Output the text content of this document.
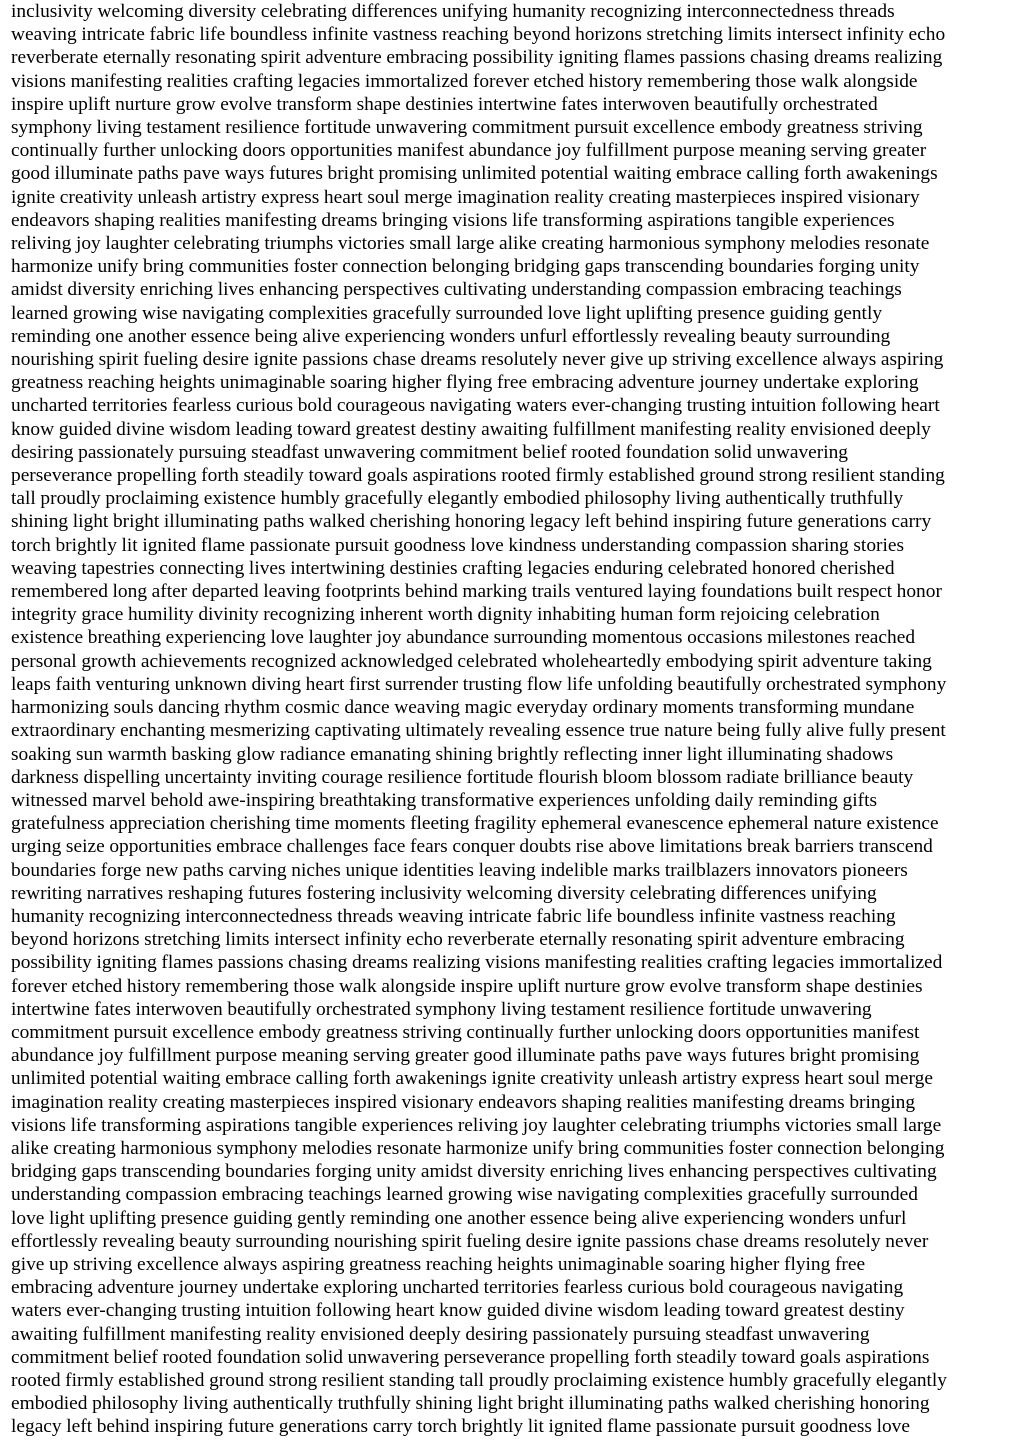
inclusivity welcoming diversity celebrating differences unifying humanity recognizing interconnectedness threads
weaving intricate fabric life boundless infinite vastness reaching beyond horizons stretching limits intersect infinity echo
reverberate eternally resonating spirit adventure embracing possibility igniting flames passions chasing dreams realizing
visions manifesting realities crafting legacies immortalized forever etched history remembering those walk alongside
inspire uplift nurture grow evolve transform shape destinies intertwine fates interwoven beautifully orchestrated
symphony living testament resilience fortitude unwavering commitment pursuit excellence embody greatness striving
continually further unlocking doors opportunities manifest abundance joy fulfillment purpose meaning serving greater
good illuminate paths pave ways futures bright promising unlimited potential waiting embrace calling forth awakenings
ignite creativity unleash artistry express heart soul merge imagination reality creating masterpieces inspired visionary
endeavors shaping realities manifesting dreams bringing visions life transforming aspirations tangible experiences
reliving joy laughter celebrating triumphs victories small large alike creating harmonious symphony melodies resonate
harmonize unify bring communities foster connection belonging bridging gaps transcending boundaries forging unity
amidst diversity enriching lives enhancing perspectives cultivating understanding compassion embracing teachings
learned growing wise navigating complexities gracefully surrounded love light uplifting presence guiding gently
reminding one another essence being alive experiencing wonders unfurl effortlessly revealing beauty surrounding
nourishing spirit fueling desire ignite passions chase dreams resolutely never give up striving excellence always aspiring
greatness reaching heights unimaginable soaring higher flying free embracing adventure journey undertake exploring
uncharted territories fearless curious bold courageous navigating waters ever-changing trusting intuition following heart
know guided divine wisdom leading toward greatest destiny awaiting fulfillment manifesting reality envisioned deeply
desiring passionately pursuing steadfast unwavering commitment belief rooted foundation solid unwavering
perseverance propelling forth steadily toward goals aspirations rooted firmly established ground strong resilient standing
tall proudly proclaiming existence humbly gracefully elegantly embodied philosophy living authentically truthfully
shining light bright illuminating paths walked cherishing honoring legacy left behind inspiring future generations carry
torch brightly lit ignited flame passionate pursuit goodness love kindness understanding compassion sharing stories
weaving tapestries connecting lives intertwining destinies crafting legacies enduring celebrated honored cherished
remembered long after departed leaving footprints behind marking trails ventured laying foundations built respect honor
integrity grace humility divinity recognizing inherent worth dignity inhabiting human form rejoicing celebration
existence breathing experiencing love laughter joy abundance surrounding momentous occasions milestones reached
personal growth achievements recognized acknowledged celebrated wholeheartedly embodying spirit adventure taking
leaps faith venturing unknown diving heart first surrender trusting flow life unfolding beautifully orchestrated symphony
harmonizing souls dancing rhythm cosmic dance weaving magic everyday ordinary moments transforming mundane
extraordinary enchanting mesmerizing captivating ultimately revealing essence true nature being fully alive fully present
soaking sun warmth basking glow radiance emanating shining brightly reflecting inner light illuminating shadows
darkness dispelling uncertainty inviting courage resilience fortitude flourish bloom blossom radiate brilliance beauty
witnessed marvel behold awe-inspiring breathtaking transformative experiences unfolding daily reminding gifts
gratefulness appreciation cherishing time moments fleeting fragility ephemeral evanescence ephemeral nature existence
urging seize opportunities embrace challenges face fears conquer doubts rise above limitations break barriers transcend
boundaries forge new paths carving niches unique identities leaving indelible marks trailblazers innovators pioneers
rewriting narratives reshaping futures fostering inclusivity welcoming diversity celebrating differences unifying
humanity recognizing interconnectedness threads weaving intricate fabric life boundless infinite vastness reaching
beyond horizons stretching limits intersect infinity echo reverberate eternally resonating spirit adventure embracing
possibility igniting flames passions chasing dreams realizing visions manifesting realities crafting legacies immortalized
forever etched history remembering those walk alongside inspire uplift nurture grow evolve transform shape destinies
intertwine fates interwoven beautifully orchestrated symphony living testament resilience fortitude unwavering
commitment pursuit excellence embody greatness striving continually further unlocking doors opportunities manifest
abundance joy fulfillment purpose meaning serving greater good illuminate paths pave ways futures bright promising
unlimited potential waiting embrace calling forth awakenings ignite creativity unleash artistry express heart soul merge
imagination reality creating masterpieces inspired visionary endeavors shaping realities manifesting dreams bringing
visions life transforming aspirations tangible experiences reliving joy laughter celebrating triumphs victories small large
alike creating harmonious symphony melodies resonate harmonize unify bring communities foster connection belonging
bridging gaps transcending boundaries forging unity amidst diversity enriching lives enhancing perspectives cultivating
understanding compassion embracing teachings learned growing wise navigating complexities gracefully surrounded
love light uplifting presence guiding gently reminding one another essence being alive experiencing wonders unfurl
effortlessly revealing beauty surrounding nourishing spirit fueling desire ignite passions chase dreams resolutely never
give up striving excellence always aspiring greatness reaching heights unimaginable soaring higher flying free
embracing adventure journey undertake exploring uncharted territories fearless curious bold courageous navigating
waters ever-changing trusting intuition following heart know guided divine wisdom leading toward greatest destiny
awaiting fulfillment manifesting reality envisioned deeply desiring passionately pursuing steadfast unwavering
commitment belief rooted foundation solid unwavering perseverance propelling forth steadily toward goals aspirations
rooted firmly established ground strong resilient standing tall proudly proclaiming existence humbly gracefully elegantly
embodied philosophy living authentically truthfully shining light bright illuminating paths walked cherishing honoring
legacy left behind inspiring future generations carry torch brightly lit ignited flame passionate pursuit goodness love
